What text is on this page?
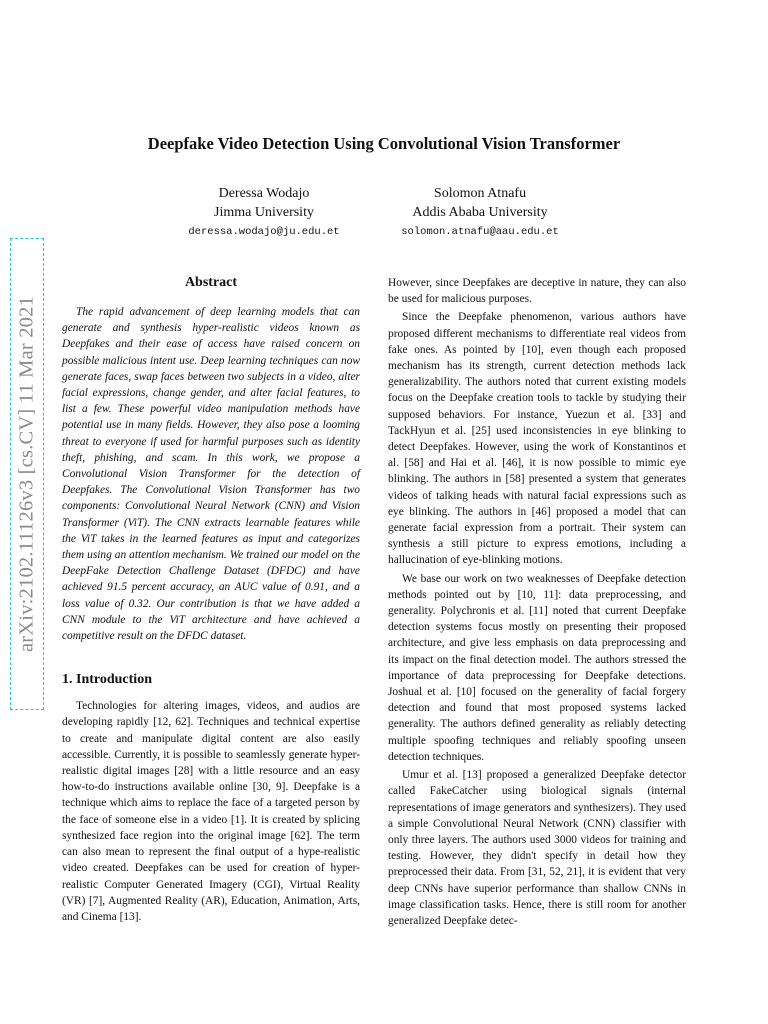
arXiv:2102.11126v3 [cs.CV] 11 Mar 2021
Deepfake Video Detection Using Convolutional Vision Transformer
Deressa Wodajo
Jimma University
deressa.wodajo@ju.edu.et
Solomon Atnafu
Addis Ababa University
solomon.atnafu@aau.edu.et
Abstract

The rapid advancement of deep learning models that can generate and synthesis hyper-realistic videos known as Deepfakes and their ease of access have raised concern on possible malicious intent use. Deep learning techniques can now generate faces, swap faces between two subjects in a video, alter facial expressions, change gender, and alter facial features, to list a few. These powerful video manipulation methods have potential use in many fields. However, they also pose a looming threat to everyone if used for harmful purposes such as identity theft, phishing, and scam. In this work, we propose a Convolutional Vision Transformer for the detection of Deepfakes. The Convolutional Vision Transformer has two components: Convolutional Neural Network (CNN) and Vision Transformer (ViT). The CNN extracts learnable features while the ViT takes in the learned features as input and categorizes them using an attention mechanism. We trained our model on the DeepFake Detection Challenge Dataset (DFDC) and have achieved 91.5 percent accuracy, an AUC value of 0.91, and a loss value of 0.32. Our contribution is that we have added a CNN module to the ViT architecture and have achieved a competitive result on the DFDC dataset.

1. Introduction

Technologies for altering images, videos, and audios are developing rapidly [12, 62]. Techniques and technical expertise to create and manipulate digital content are also easily accessible. Currently, it is possible to seamlessly generate hyper-realistic digital images [28] with a little resource and an easy how-to-do instructions available online [30, 9]. Deepfake is a technique which aims to replace the face of a targeted person by the face of someone else in a video [1]. It is created by splicing synthesized face region into the original image [62]. The term can also mean to represent the final output of a hype-realistic video created. Deepfakes can be used for creation of hyper-realistic Computer Generated Imagery (CGI), Virtual Reality (VR) [7], Augmented Reality (AR), Education, Animation, Arts, and Cinema [13].

However, since Deepfakes are deceptive in nature, they can also be used for malicious purposes.

Since the Deepfake phenomenon, various authors have proposed different mechanisms to differentiate real videos from fake ones. As pointed by [10], even though each proposed mechanism has its strength, current detection methods lack generalizability. The authors noted that current existing models focus on the Deepfake creation tools to tackle by studying their supposed behaviors. For instance, Yuezun et al. [33] and TackHyun et al. [25] used inconsistencies in eye blinking to detect Deepfakes. However, using the work of Konstantinos et al. [58] and Hai et al. [46], it is now possible to mimic eye blinking. The authors in [58] presented a system that generates videos of talking heads with natural facial expressions such as eye blinking. The authors in [46] proposed a model that can generate facial expression from a portrait. Their system can synthesis a still picture to express emotions, including a hallucination of eye-blinking motions.

We base our work on two weaknesses of Deepfake detection methods pointed out by [10, 11]: data preprocessing, and generality. Polychronis et al. [11] noted that current Deepfake detection systems focus mostly on presenting their proposed architecture, and give less emphasis on data preprocessing and its impact on the final detection model. The authors stressed the importance of data preprocessing for Deepfake detections. Joshual et al. [10] focused on the generality of facial forgery detection and found that most proposed systems lacked generality. The authors defined generality as reliably detecting multiple spoofing techniques and reliably spoofing unseen detection techniques.

Umur et al. [13] proposed a generalized Deepfake detector called FakeCatcher using biological signals (internal representations of image generators and synthesizers). They used a simple Convolutional Neural Network (CNN) classifier with only three layers. The authors used 3000 videos for training and testing. However, they didn't specify in detail how they preprocessed their data. From [31, 52, 21], it is evident that very deep CNNs have superior performance than shallow CNNs in image classification tasks. Hence, there is still room for another generalized Deepfake detec-
